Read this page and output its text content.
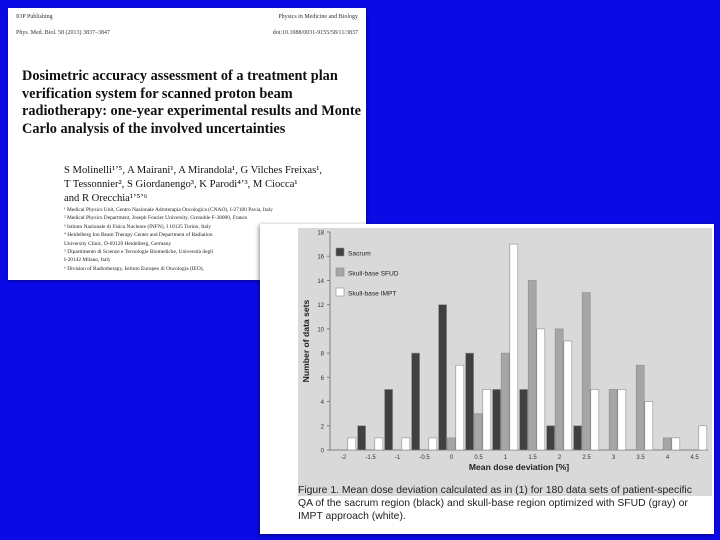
IOP Publishing	Physics in Medicine and Biology
Phys. Med. Biol. 58 (2013) 3837–3847	doi:10.1088/0031-9155/58/11/3837
Dosimetric accuracy assessment of a treatment plan verification system for scanned proton beam radiotherapy: one-year experimental results and Monte Carlo analysis of the involved uncertainties
S Molinelli¹ʼ⁵, A Mairani¹, A Mirandola¹, G Vilches Freixas¹,
T Tessonnier², S Giordanengo³, K Parodi⁴ʼ³, M Ciocca¹
and R Orecchia¹ʼ⁵ʼ⁶
¹ Medical Physics Unit, Centro Nazionale Adroterapia Oncologica (CNAO), I-27100 Pavia, Italy
² Medical Physics Department, Joseph Fourier University, Grenoble F-38000, France
³ Istituto Nazionale di Fisica Nucleare (INFN), I 10125 Torino, Italy
⁴ Heidelberg Ion Beam Therapy Center and Department of Radiation
University Clinic, D-69120 Heidelberg, Germany
⁵ Dipartimento di Scienze e Tecnologie Biomediche, Università degli
I-20142 Milano, Italy
⁶ Division of Radiotherapy, Istituto Europeo di Oncologia (IEO),
0
2
4
6
8
10
12
14
16
18
-2	-1.5	-1	-0.5	0	0.5	1	1.5	2	2.5	3	3.5	4	4.5
Mean dose deviation [%]
Number of data sets
Sacrum
Skull-base SFUD
Skull-base IMPT
Figure 1. Mean dose deviation calculated as in (1) for 180 data sets of patient-specific QA of the sacrum region (black) and skull-base region optimized with SFUD (gray) or IMPT approach (white).
